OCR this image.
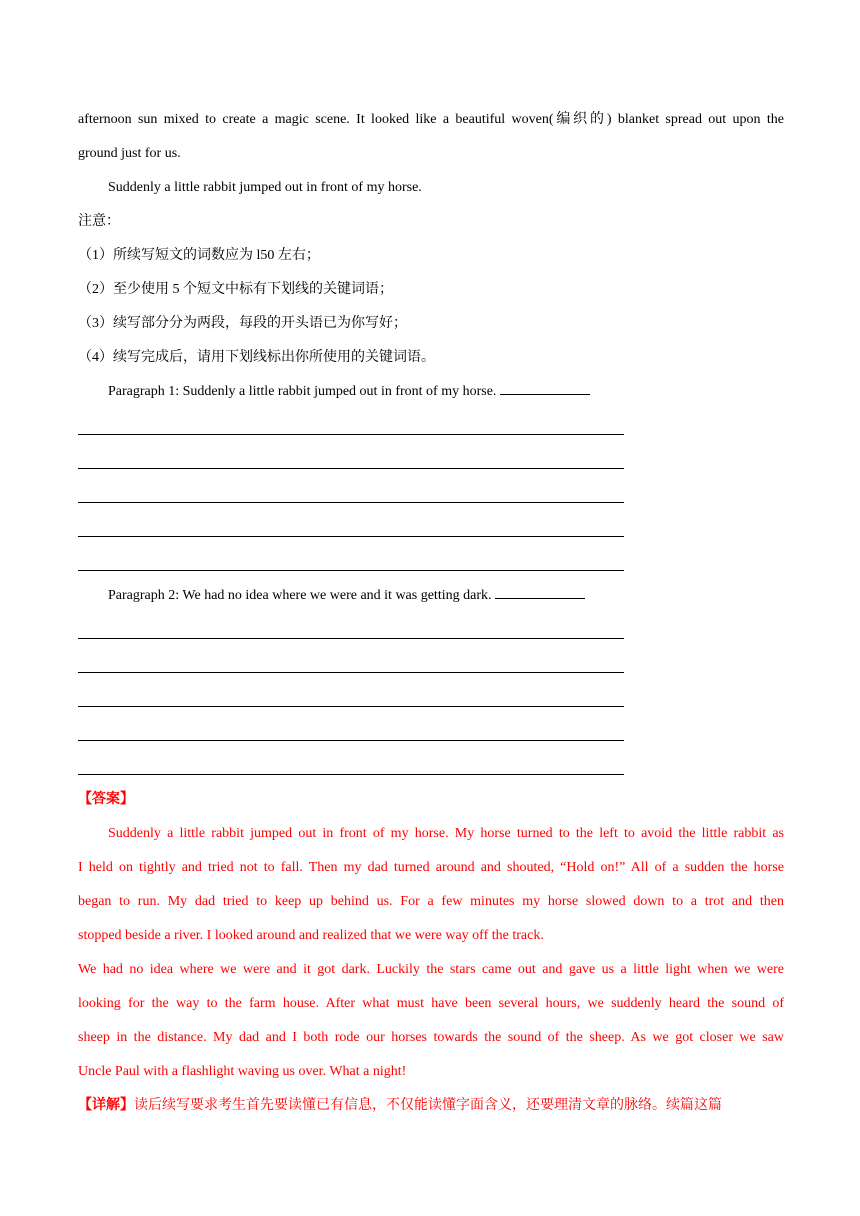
afternoon sun mixed to create a magic scene. It looked like a beautiful woven(编织的) blanket spread out upon the
ground just for us.
Suddenly a little rabbit jumped out in front of my horse.
注意：
（1）所续写短文的词数应为 l50 左右；
（2）至少使用 5 个短文中标有下划线的关键词语；
（3）续写部分分为两段，每段的开头语已为你写好；
（4）续写完成后，请用下划线标出你所使用的关键词语。
Paragraph 1: Suddenly a little rabbit jumped out in front of my horse.
Paragraph 2: We had no idea where we were and it was getting dark.
【答案】
Suddenly a little rabbit jumped out in front of my horse. My horse turned to the left to avoid the little rabbit as
I held on tightly and tried not to fall. Then my dad turned around and shouted, “Hold on!” All of a sudden the horse
began to run. My dad tried to keep up behind us. For a few minutes my horse slowed down to a trot and then
stopped beside a river. I looked around and realized that we were way off the track.
We had no idea where we were and it got dark. Luckily the stars came out and gave us a little light when we were
looking for the way to the farm house. After what must have been several hours, we suddenly heard the sound of
sheep in the distance. My dad and I both rode our horses towards the sound of the sheep. As we got closer we saw
Uncle Paul with a flashlight waving us over. What a night!
【详解】读后续写要求考生首先要读懂已有信息，不仅能读懂字面含义，还要理清文章的脉络。续篇这篇
